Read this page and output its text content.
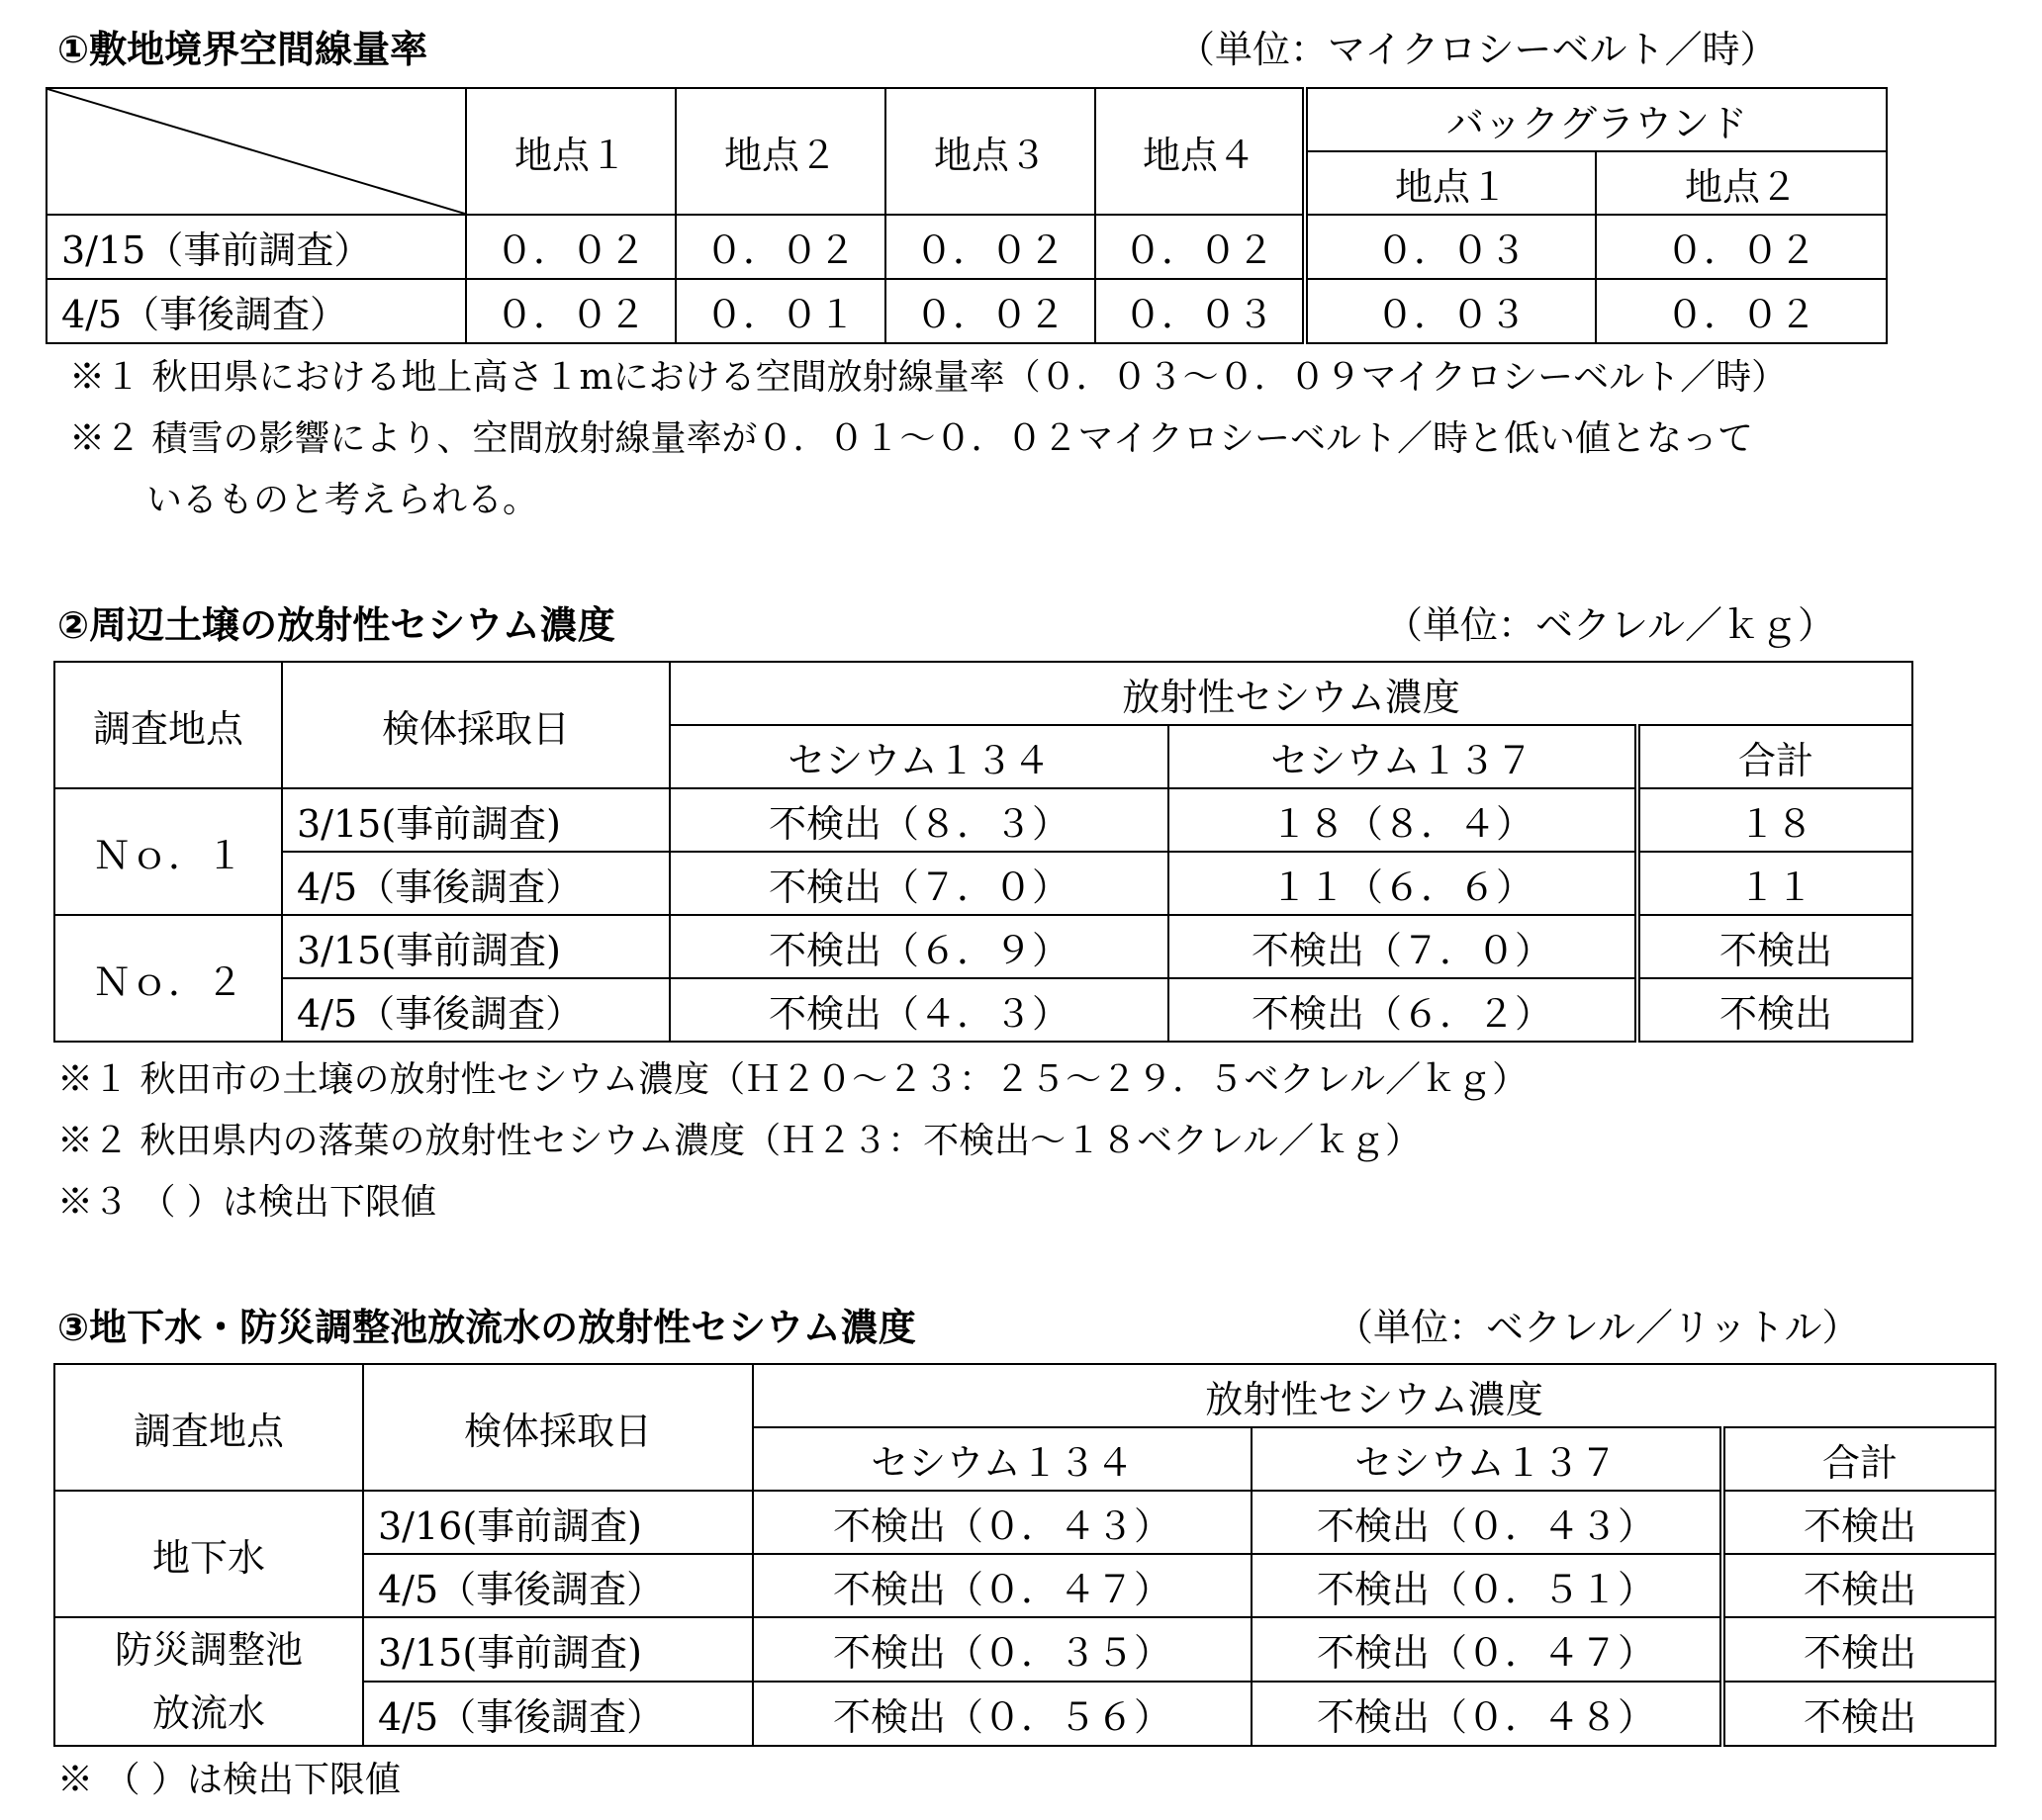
①敷地境界空間線量率	（単位：マイクロシーベルト／時）
	地点１	地点２	地点３	地点４	バックグラウンド	
					地点１	地点２
3/15（事前調査）	０．０２	０．０２	０．０２	０．０２	０．０３	０．０２
4/5（事後調査）	０．０２	０．０１	０．０２	０．０３	０．０３	０．０２
※１ 秋田県における地上高さ１mにおける空間放射線量率（０．０３～０．０９マイクロシーベルト／時）
※２ 積雪の影響により、空間放射線量率が０．０１～０．０２マイクロシーベルト／時と低い値となって
いるものと考えられる。
②周辺土壌の放射性セシウム濃度	（単位：ベクレル／ｋｇ）
調査地点	検体採取日	放射性セシウム濃度		
		セシウム１３４	セシウム１３７	合計
Ｎｏ．１	3/15(事前調査)	不検出（８．３）	１８（８．４）	１８
	4/5（事後調査）	不検出（７．０）	１１（６．６）	１１
Ｎｏ．２	3/15(事前調査)	不検出（６．９）	不検出（７．０）	不検出
	4/5（事後調査）	不検出（４．３）	不検出（６．２）	不検出
※１ 秋田市の土壌の放射性セシウム濃度（Ｈ２０～２３：２５～２９．５ベクレル／ｋｇ）
※２ 秋田県内の落葉の放射性セシウム濃度（Ｈ２３：不検出～１８ベクレル／ｋｇ）
※３ （ ）は検出下限値
③地下水・防災調整池放流水の放射性セシウム濃度	（単位：ベクレル／リットル）
調査地点	検体採取日	放射性セシウム濃度		
		セシウム１３４	セシウム１３７	合計
地下水	3/16(事前調査)	不検出（０．４３）	不検出（０．４３）	不検出
	4/5（事後調査）	不検出（０．４７）	不検出（０．５１）	不検出

防災調整池
放流水	3/15(事前調査)	不検出（０．３５）	不検出（０．４７）	不検出
	4/5（事後調査）	不検出（０．５６）	不検出（０．４８）	不検出
※ （ ）は検出下限値
